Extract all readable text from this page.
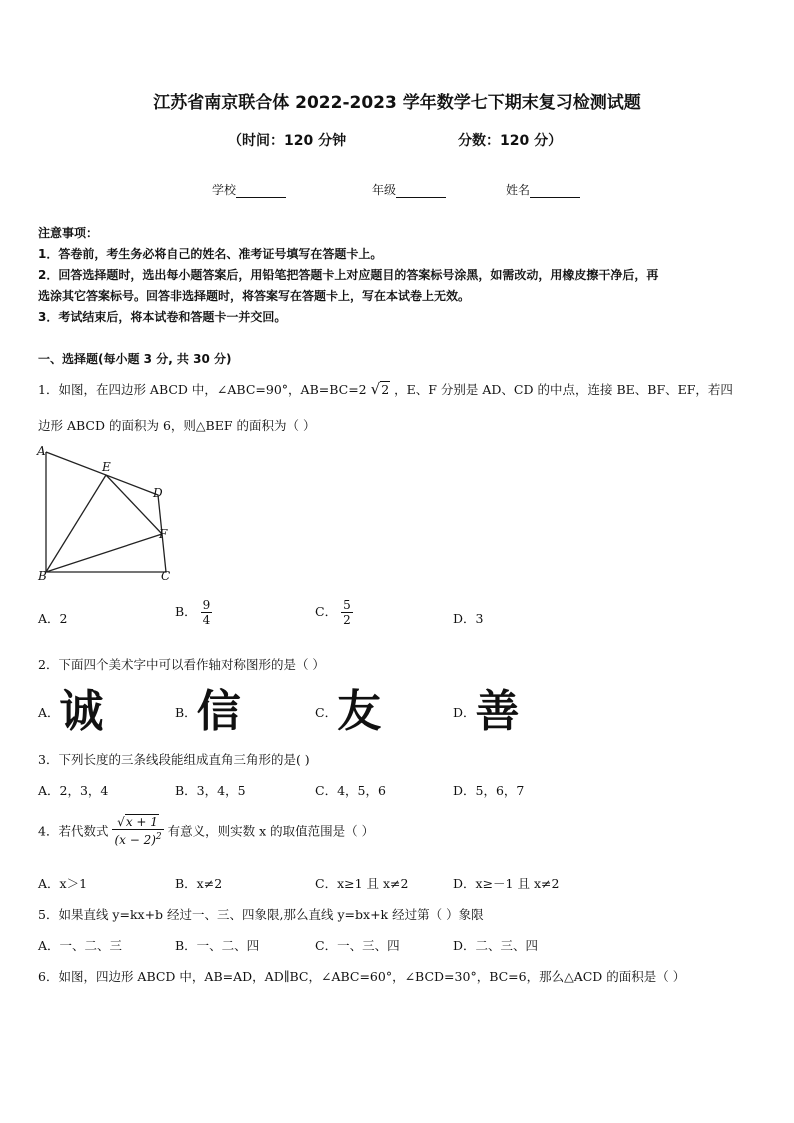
江苏省南京联合体 2022-2023 学年数学七下期末复习检测试题
（时间：120 分钟	分数：120 分）
学校	年级	姓名
注意事项：
1．答卷前，考生务必将自己的姓名、准考证号填写在答题卡上。
2．回答选择题时，选出每小题答案后，用铅笔把答题卡上对应题目的答案标号涂黑，如需改动，用橡皮擦干净后，再
选涂其它答案标号。回答非选择题时，将答案写在答题卡上，写在本试卷上无效。
3．考试结束后，将本试卷和答题卡一并交回。
一、选择题(每小题 3 分, 共 30 分)
1．如图，在四边形 ABCD 中，∠ABC=90°，AB=BC=2 √2 ，E、F 分别是 AD、CD 的中点，连接 BE、BF、EF，若四
边形 ABCD 的面积为 6，则△BEF 的面积为（ ）
A
E
D
F
B	C
A．2	B． $\frac{9}{4}$	C． $\frac{5}{2}$	D．3
2．下面四个美术字中可以看作轴对称图形的是（ ）
A．诚	B．信	C．友	D．善
3．下列长度的三条线段能组成直角三角形的是( )
A．2，3，4	B．3，4，5	C．4，5，6	D．5，6，7
4．若代数式 $\frac{√x + 1}{(x - 2)^2}$ 有意义，则实数 x 的取值范围是（ ）
A．x＞1	B．x≠2	C．x≥1 且 x≠2	D．x≥－1 且 x≠2
5．如果直线 y=kx+b 经过一、三、四象限,那么直线 y=bx+k 经过第（ ）象限
A．一、二、三	B．一、二、四	C．一、三、四	D．二、三、四
6．如图，四边形 ABCD 中，AB=AD，AD∥BC，∠ABC=60°，∠BCD=30°，BC=6，那么△ACD 的面积是（ ）
